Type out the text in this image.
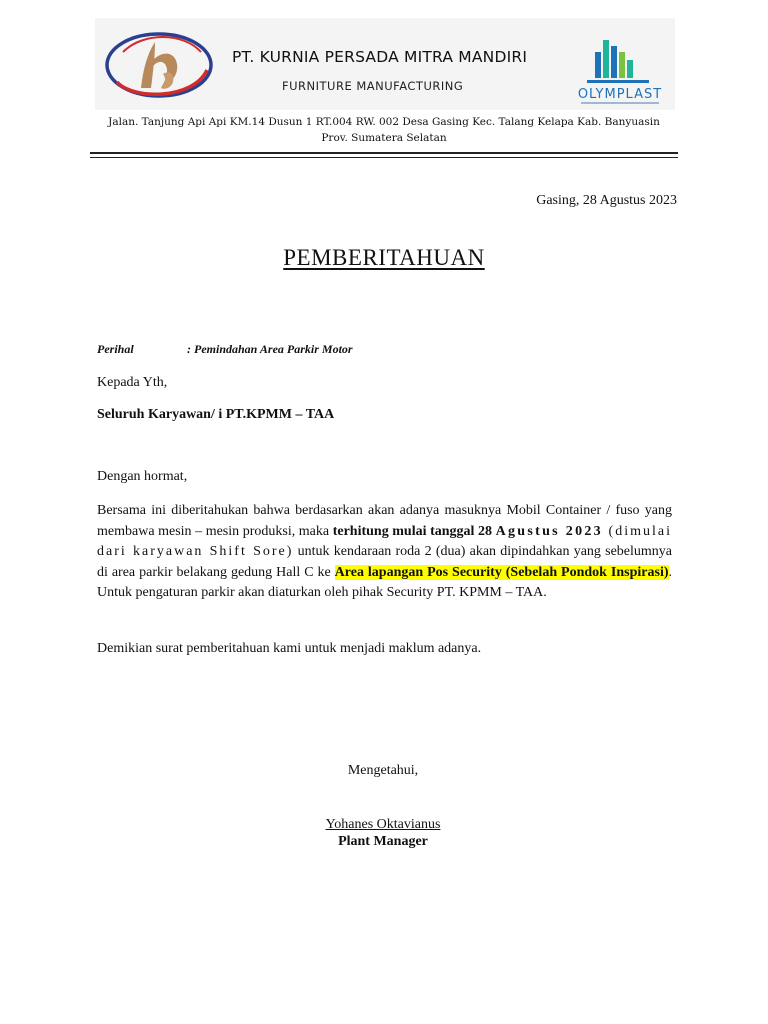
PT. KURNIA PERSADA MITRA MANDIRI
FURNITURE MANUFACTURING
OLYMPLAST
Jalan. Tanjung Api Api KM.14 Dusun 1 RT.004 RW. 002 Desa Gasing Kec. Talang Kelapa Kab. Banyuasin
Prov. Sumatera Selatan
Gasing, 28 Agustus 2023
PEMBERITAHUAN
Perihal	: Pemindahan Area Parkir Motor
Kepada Yth,
Seluruh Karyawan/ i PT.KPMM – TAA
Dengan hormat,
Bersama ini diberitahukan bahwa berdasarkan akan adanya masuknya Mobil Container / fuso yang membawa mesin – mesin produksi, maka terhitung mulai tanggal 28 Agustus 2023 (dimulai dari karyawan Shift Sore) untuk kendaraan roda 2 (dua) akan dipindahkan yang sebelumnya di area parkir belakang gedung Hall C ke Area lapangan Pos Security (Sebelah Pondok Inspirasi). Untuk pengaturan parkir akan diaturkan oleh pihak Security PT. KPMM – TAA.
Demikian surat pemberitahuan kami untuk menjadi maklum adanya.
Mengetahui,
Yohanes Oktavianus
Plant Manager
